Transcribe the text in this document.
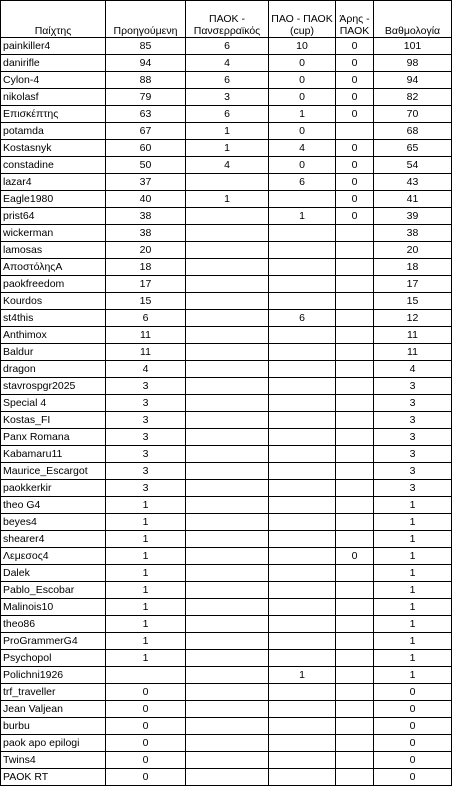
Παίχτης	Προηγούμενη	ΠΑΟΚ - Πανσερραϊκός	ΠΑΟ - ΠΑΟΚ (cup)	Άρης - ΠΑΟΚ	Βαθμολογία
painkiller4	85	6	10	0	101
danirifle	94	4	0	0	98
Cylon-4	88	6	0	0	94
nikolasf	79	3	0	0	82
Επισκέπτης	63	6	1	0	70
potamda	67	1	0		68
Kostasnyk	60	1	4	0	65
constadine	50	4	0	0	54
lazar4	37		6	0	43
Eagle1980	40	1		0	41
prist64	38		1	0	39
wickerman	38				38
lamosas	20				20
ΑποστόληςΑ	18				18
paokfreedom	17				17
Kourdos	15				15
st4this	6		6		12
Anthimox	11				11
Baldur	11				11
dragon	4				4
stavrospgr2025	3				3
Special 4	3				3
Kostas_FI	3				3
Panx Romana	3				3
Kabamaru11	3				3
Maurice_Escargot	3				3
paokkerkir	3				3
theo G4	1				1
beyes4	1				1
shearer4	1				1
Λεμεσος4	1			0	1
Dalek	1				1
Pablo_Escobar	1				1
Malinois10	1				1
theo86	1				1
ProGrammerG4	1				1
Psychopol	1				1
Polichni1926			1		1
trf_traveller	0				0
Jean Valjean	0				0
burbu	0				0
paok apo epilogi	0				0
Twins4	0				0
PAOK RT	0				0
